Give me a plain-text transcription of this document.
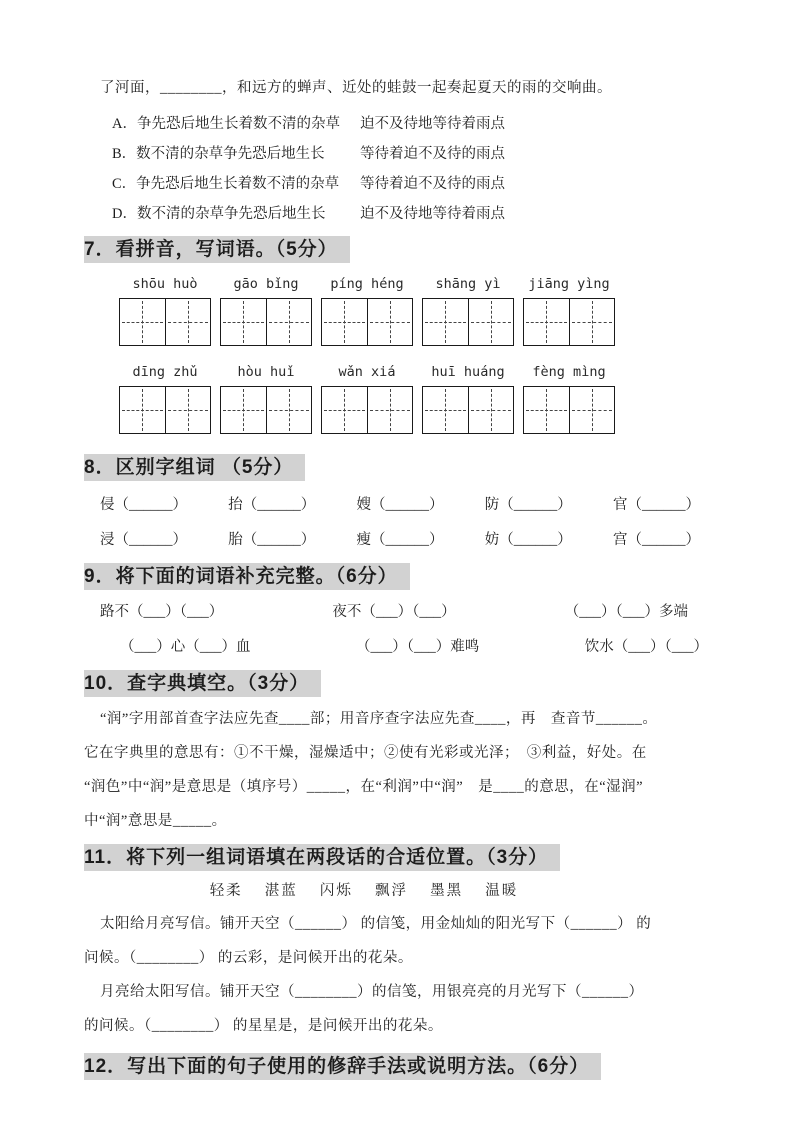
了河面，________，和远方的蝉声、近处的蛙鼓一起奏起夏天的雨的交响曲。
A．争先恐后地生长着数不清的杂草	迫不及待地等待着雨点
B．数不清的杂草争先恐后地生长	等待着迫不及待的雨点
C．争先恐后地生长着数不清的杂草	等待着迫不及待的雨点
D．数不清的杂草争先恐后地生长	迫不及待地等待着雨点
7．看拼音，写词语。（5分）
shōu huò	gāo bǐng	píng héng	shāng yì	jiāng yìng
dīng zhǔ	hòu huǐ	wǎn xiá	huī huáng	fèng mìng
8．区别字组词 （5分）
侵（______）	抬（______）	嫂（______）	防（______）	官（______）
浸（______）	胎（______）	瘦（______）	妨（______）	宫（______）
9．将下面的词语补充完整。（6分）
路不（___）（___）	夜不（___）（___）	（___）（___）多端
（___）心（___）血	（___）（___）难鸣	饮水（___）（___）
10．查字典填空。（3分）
“润”字用部首查字法应先查____部；用音序查字法应先查____，再　查音节______。
它在字典里的意思有：①不干燥，湿燥适中；②使有光彩或光泽；　③利益，好处。在
“润色”中“润”是意思是（填序号）_____，在“利润”中“润”　是____的意思，在“湿润”
中“润”意思是_____。
11．将下列一组词语填在两段话的合适位置。（3分）
轻柔　 湛蓝　 闪烁　 飘浮　 墨黑　 温暖
太阳给月亮写信。铺开天空（______） 的信笺，用金灿灿的阳光写下（______） 的
问候。（________） 的云彩，是问候开出的花朵。
月亮给太阳写信。铺开天空（________）的信笺，用银亮亮的月光写下（______）
的问候。（________） 的星星是，是问候开出的花朵。
12．写出下面的句子使用的修辞手法或说明方法。（6分）
